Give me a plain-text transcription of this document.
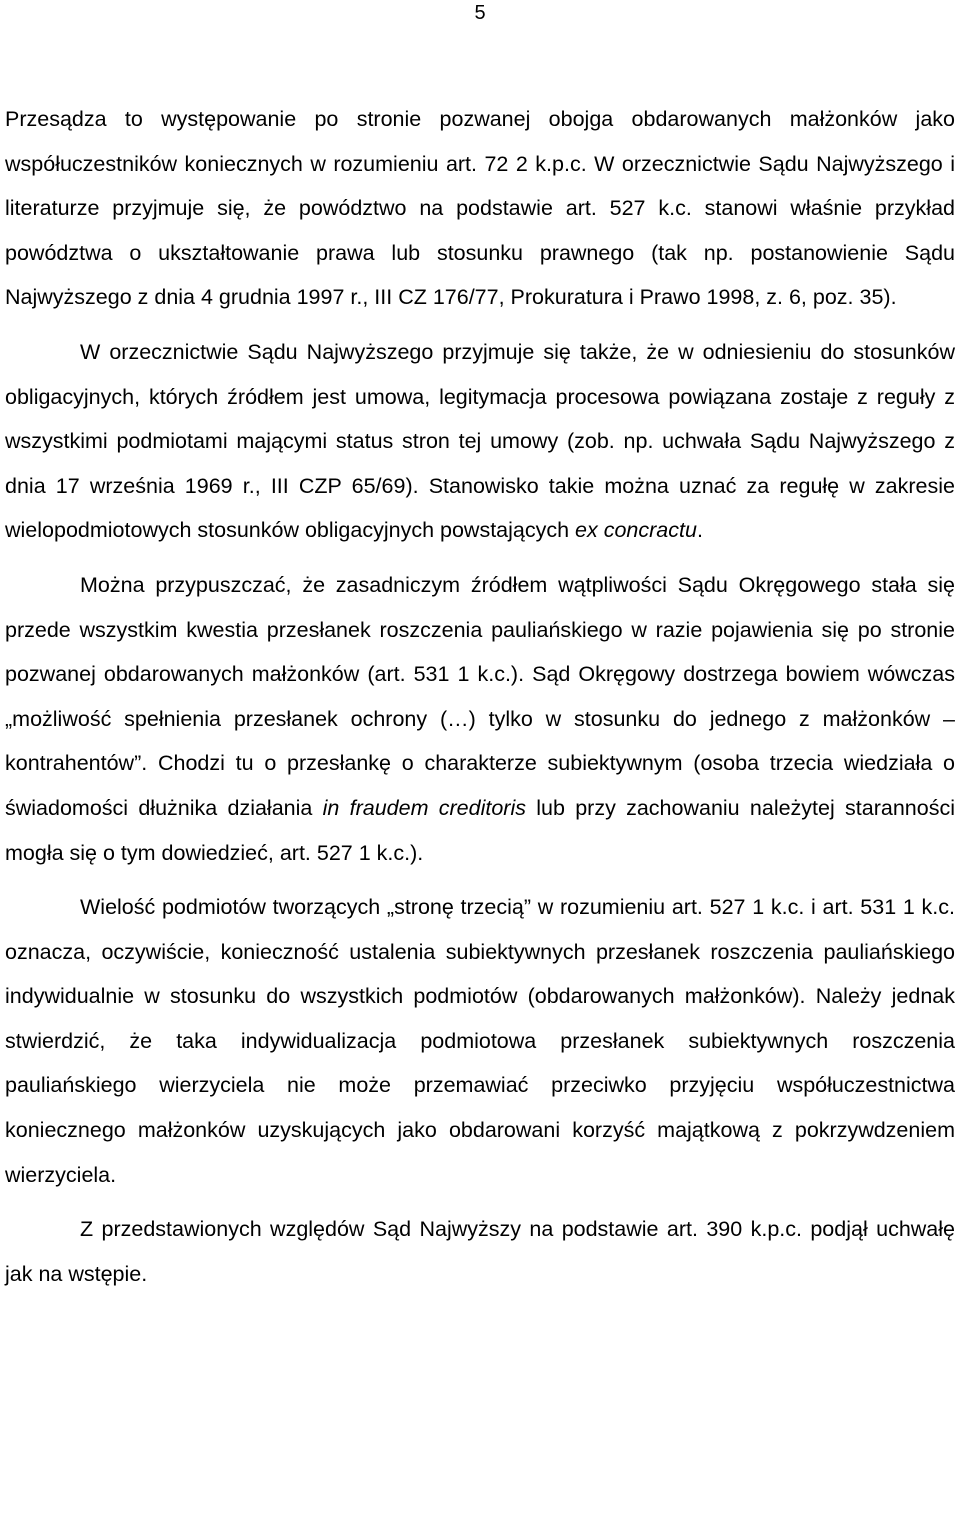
5

Przesądza to występowanie po stronie pozwanej obojga obdarowanych małżonków jako współuczestników koniecznych w rozumieniu art. 72 2 k.p.c. W orzecznictwie Sądu Najwyższego i literaturze przyjmuje się, że powództwo na podstawie art. 527 k.c. stanowi właśnie przykład powództwa o ukształtowanie prawa lub stosunku prawnego (tak np. postanowienie Sądu Najwyższego z dnia 4 grudnia 1997 r., III CZ 176/77, Prokuratura i Prawo 1998, z. 6, poz. 35).

W orzecznictwie Sądu Najwyższego przyjmuje się także, że w odniesieniu do stosunków obligacyjnych, których źródłem jest umowa, legitymacja procesowa powiązana zostaje z reguły z wszystkimi podmiotami mającymi status stron tej umowy (zob. np. uchwała Sądu Najwyższego z dnia 17 września 1969 r., III CZP 65/69). Stanowisko takie można uznać za regułę w zakresie wielopodmiotowych stosunków obligacyjnych powstających ex concractu.

Można przypuszczać, że zasadniczym źródłem wątpliwości Sądu Okręgowego stała się przede wszystkim kwestia przesłanek roszczenia pauliańskiego w razie pojawienia się po stronie pozwanej obdarowanych małżonków (art. 531 1 k.c.). Sąd Okręgowy dostrzega bowiem wówczas „możliwość spełnienia przesłanek ochrony (…) tylko w stosunku do jednego z małżonków – kontrahentów”. Chodzi tu o przesłankę o charakterze subiektywnym (osoba trzecia wiedziała o świadomości dłużnika działania in fraudem creditoris lub przy zachowaniu należytej staranności mogła się o tym dowiedzieć, art. 527 1 k.c.).

Wielość podmiotów tworzących „stronę trzecią” w rozumieniu art. 527 1 k.c. i art. 531 1 k.c. oznacza, oczywiście, konieczność ustalenia subiektywnych przesłanek roszczenia pauliańskiego indywidualnie w stosunku do wszystkich podmiotów (obdarowanych małżonków). Należy jednak stwierdzić, że taka indywidualizacja podmiotowa przesłanek subiektywnych roszczenia pauliańskiego wierzyciela nie może przemawiać przeciwko przyjęciu współuczestnictwa koniecznego małżonków uzyskujących jako obdarowani korzyść majątkową z pokrzywdzeniem wierzyciela.

Z przedstawionych względów Sąd Najwyższy na podstawie art. 390 k.p.c. podjął uchwałę jak na wstępie.
